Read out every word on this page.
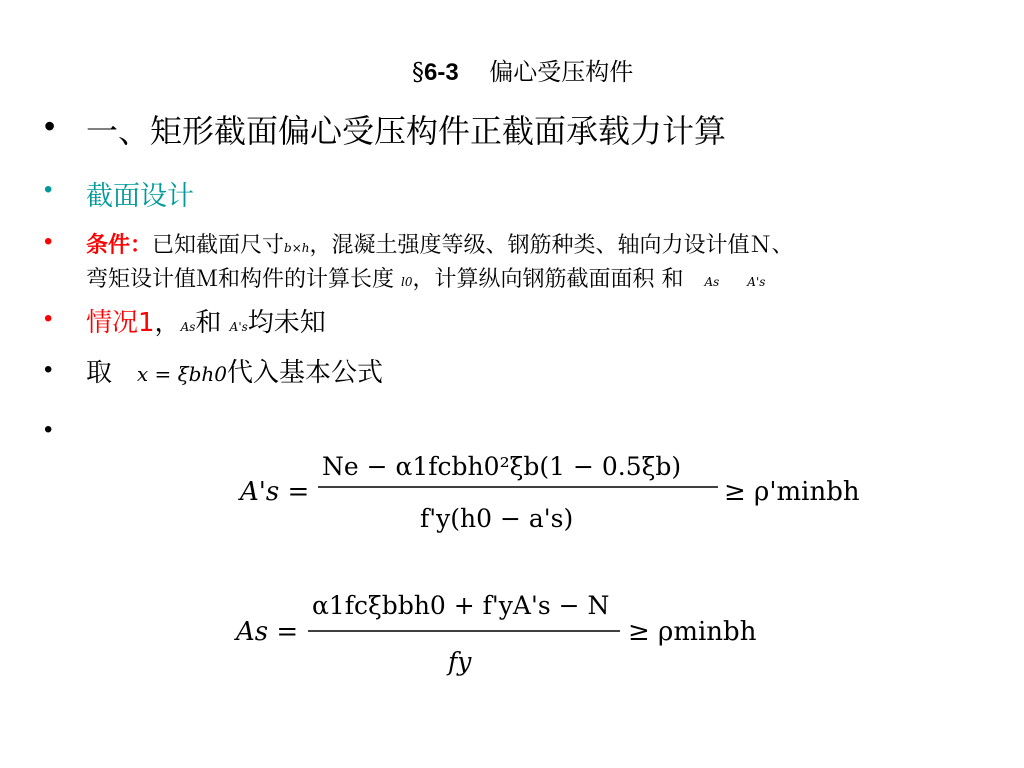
§6-3 偏心受压构件
• 一、矩形截面偏心受压构件正截面承载力计算
• 截面设计
• 条件：已知截面尺寸b×h，混凝土强度等级、钢筋种类、轴向力设计值Ｎ、
弯矩设计值Ｍ和构件的计算长度 l0，计算纵向钢筋截面面积 和 As A's
• 情况1，As和 A's均未知
• 取 x = ξbh0代入基本公式
•
A's =
Ne − α1fcbh0²ξb(1 − 0.5ξb)
f'y(h0 − a's)
≥ ρ'minbh
As =
α1fcξbbh0 + f'yA's − N
fy
≥ ρminbh
